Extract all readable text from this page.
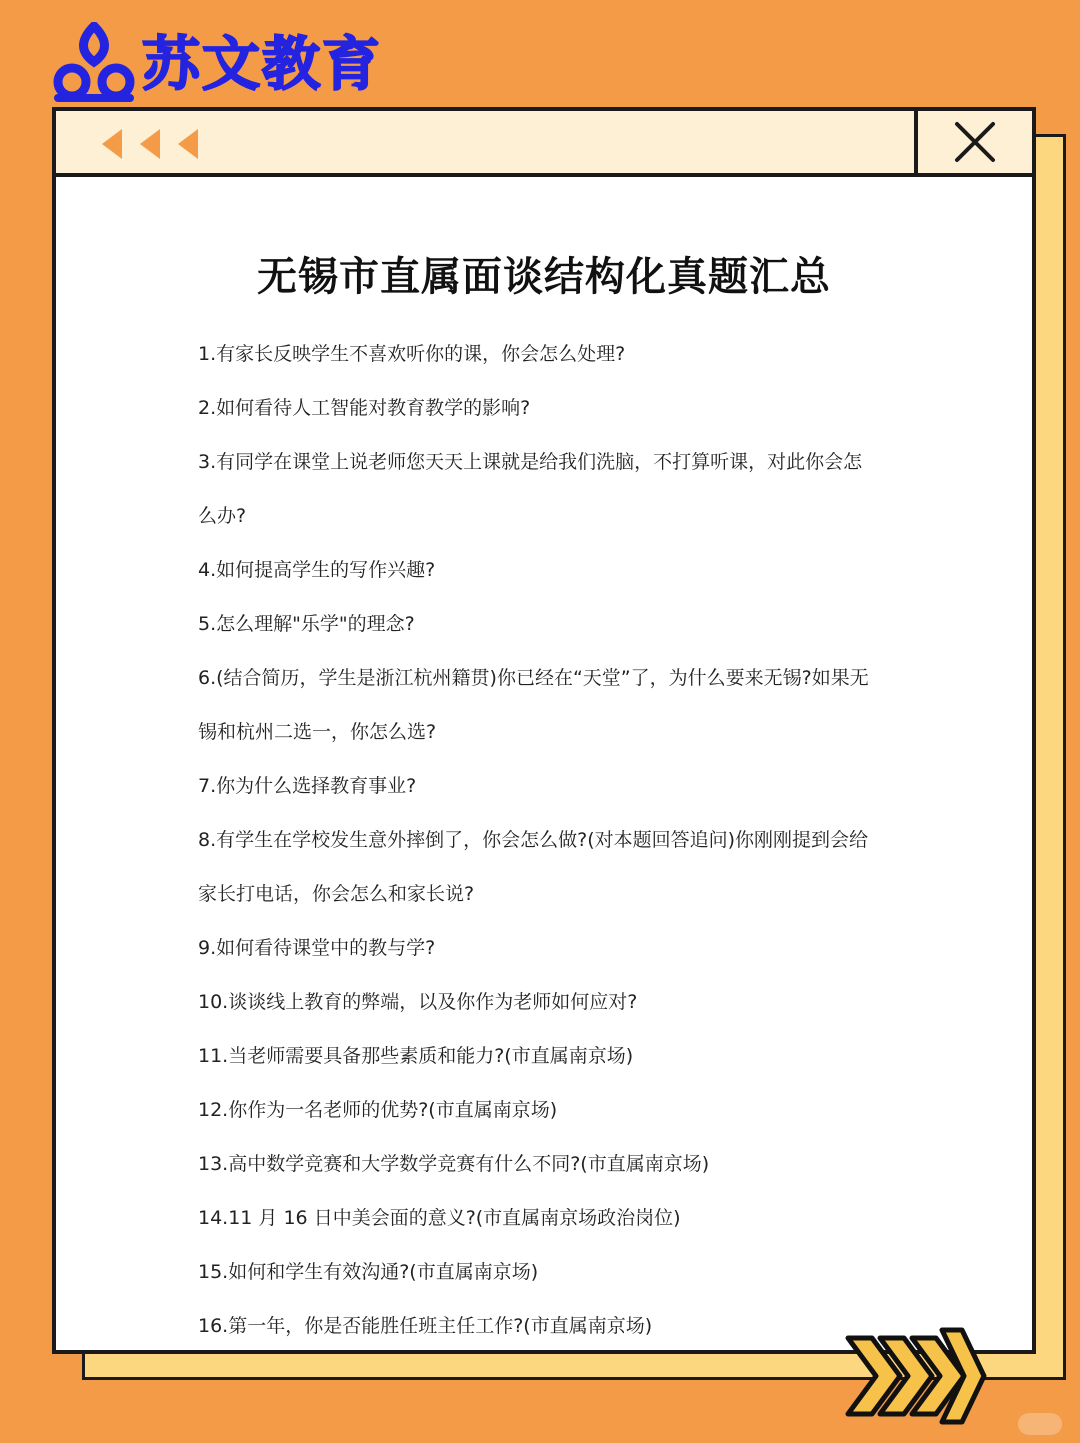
苏文教育
无锡市直属面谈结构化真题汇总
1.有家长反映学生不喜欢听你的课，你会怎么处理?
2.如何看待人工智能对教育教学的影响?
3.有同学在课堂上说老师您天天上课就是给我们洗脑，不打算听课，对此你会怎
么办?
4.如何提高学生的写作兴趣?
5.怎么理解"乐学"的理念?
6.(结合简历，学生是浙江杭州籍贯)你已经在“天堂”了，为什么要来无锡?如果无
锡和杭州二选一，你怎么选?
7.你为什么选择教育事业?
8.有学生在学校发生意外摔倒了，你会怎么做?(对本题回答追问)你刚刚提到会给
家长打电话，你会怎么和家长说?
9.如何看待课堂中的教与学?
10.谈谈线上教育的弊端，以及你作为老师如何应对?
11.当老师需要具备那些素质和能力?(市直属南京场)
12.你作为一名老师的优势?(市直属南京场)
13.高中数学竞赛和大学数学竞赛有什么不同?(市直属南京场)
14.11 月 16 日中美会面的意义?(市直属南京场政治岗位)
15.如何和学生有效沟通?(市直属南京场)
16.第一年，你是否能胜任班主任工作?(市直属南京场)
